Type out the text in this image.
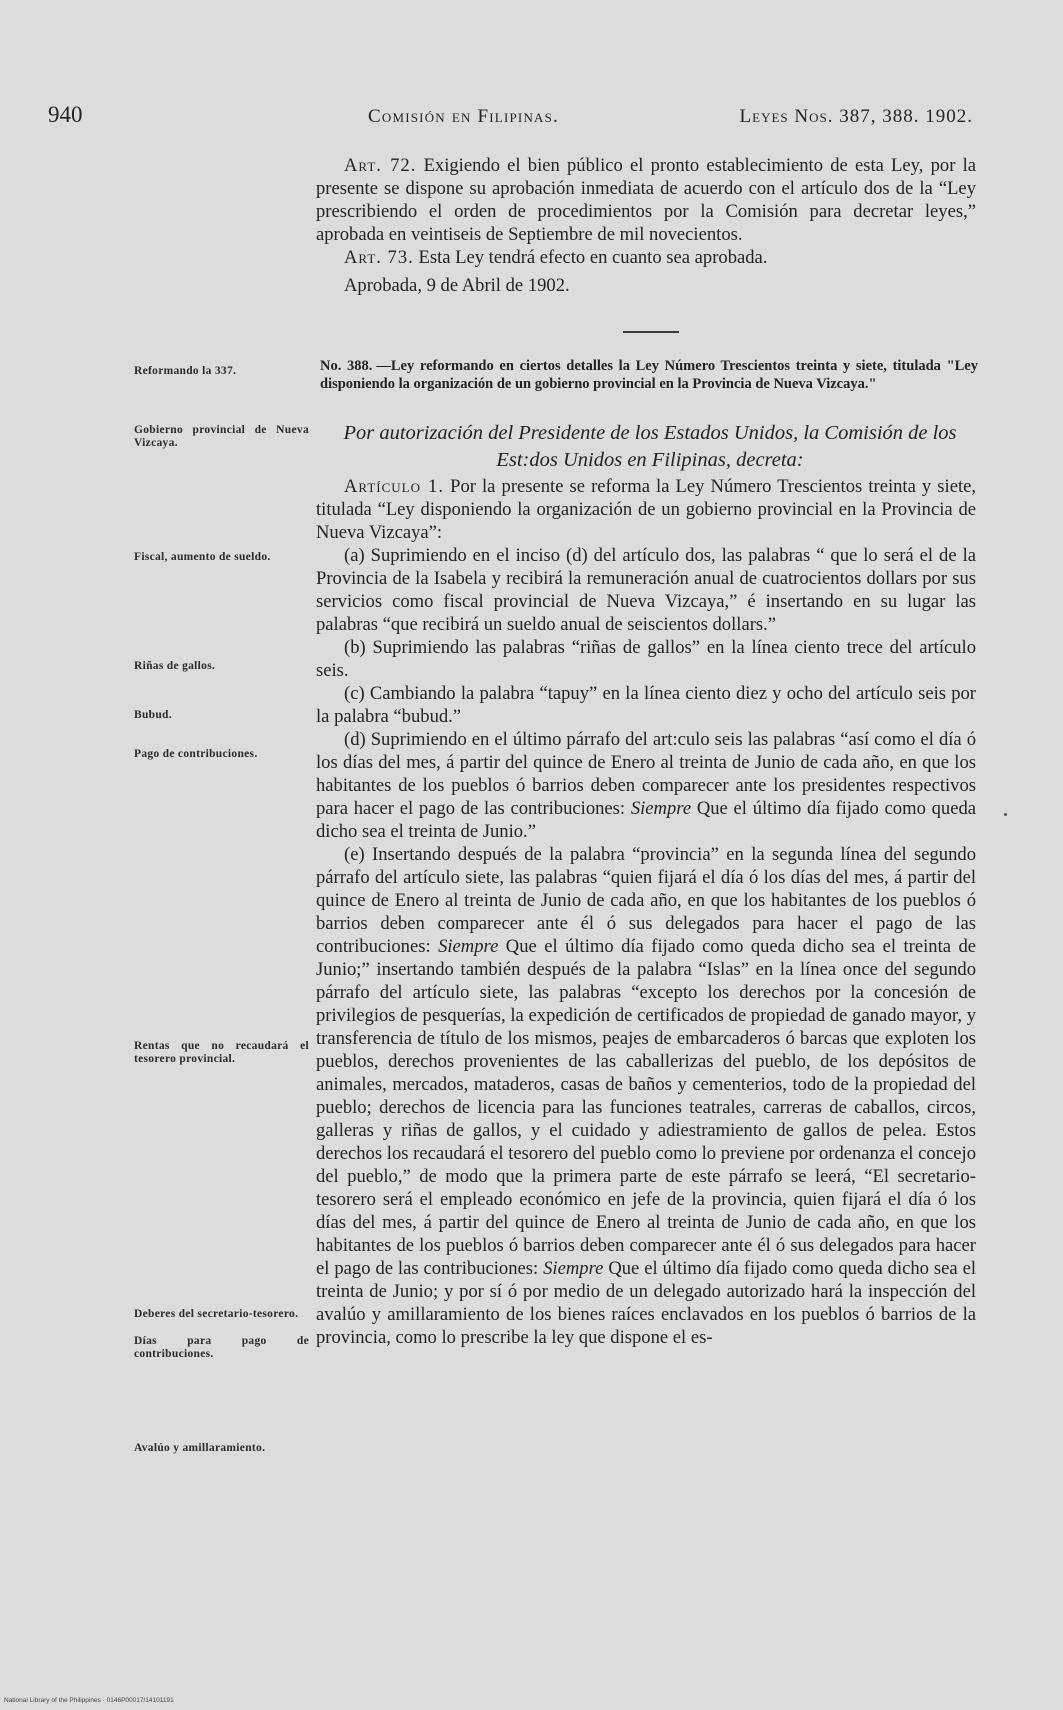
940	Comisión en Filipinas.	Leyes Nos. 387, 388. 1902.

Art. 72. Exigiendo el bien público el pronto establecimiento de esta Ley, por la presente se dispone su aprobación inmediata de acuerdo con el artículo dos de la “Ley prescribiendo el orden de procedimientos por la Comisión para decretar leyes,” aprobada en veintiseis de Septiembre de mil novecientos.

Art. 73. Esta Ley tendrá efecto en cuanto sea aprobada.

Aprobada, 9 de Abril de 1902.

No. 388. —Ley reformando en ciertos detalles la Ley Número Trescientos treinta y siete, titulada "Ley disponiendo la organización de un gobierno provincial en la Provincia de Nueva Vizcaya."
Por autorización del Presidente de los Estados Unidos, la Comisión de los Est:dos Unidos en Filipinas, decreta:

Artículo 1. Por la presente se reforma la Ley Número Trescientos treinta y siete, titulada “Ley disponiendo la organización de un gobierno provincial en la Provincia de Nueva Vizcaya”:

(a) Suprimiendo en el inciso (d) del artículo dos, las palabras “ que lo será el de la Provincia de la Isabela y recibirá la remuneración anual de cuatrocientos dollars por sus servicios como fiscal provincial de Nueva Vizcaya,” é insertando en su lugar las palabras “que recibirá un sueldo anual de seiscientos dollars.”

(b) Suprimiendo las palabras “riñas de gallos” en la línea ciento trece del artículo seis.

(c) Cambiando la palabra “tapuy” en la línea ciento diez y ocho del artículo seis por la palabra “bubud.”

(d) Suprimiendo en el último párrafo del art:culo seis las palabras “así como el día ó los días del mes, á partir del quince de Enero al treinta de Junio de cada año, en que los habitantes de los pueblos ó barrios deben comparecer ante los presidentes respectivos para hacer el pago de las contribuciones: Siempre Que el último día fijado como queda dicho sea el treinta de Junio.”

(e) Insertando después de la palabra “provincia” en la segunda línea del segundo párrafo del artículo siete, las palabras “quien fijará el día ó los días del mes, á partir del quince de Enero al treinta de Junio de cada año, en que los habitantes de los pueblos ó barrios deben comparecer ante él ó sus delegados para hacer el pago de las contribuciones: Siempre Que el último día fijado como queda dicho sea el treinta de Junio;” insertando también después de la palabra “Islas” en la línea once del segundo párrafo del artículo siete, las palabras “excepto los derechos por la concesión de privilegios de pesquerías, la expedición de certificados de propiedad de ganado mayor, y transferencia de título de los mismos, peajes de embarcaderos ó barcas que exploten los pueblos, derechos provenientes de las caballerizas del pueblo, de los depósitos de animales, mercados, mataderos, casas de baños y cementerios, todo de la propiedad del pueblo; derechos de licencia para las funciones teatrales, carreras de caballos, circos, galleras y riñas de gallos, y el cuidado y adiestramiento de gallos de pelea. Estos derechos los recaudará el tesorero del pueblo como lo previene por ordenanza el concejo del pueblo,” de modo que la primera parte de este párrafo se leerá, “El secretario-tesorero será el empleado económico en jefe de la provincia, quien fijará el día ó los días del mes, á partir del quince de Enero al treinta de Junio de cada año, en que los habitantes de los pueblos ó barrios deben comparecer ante él ó sus delegados para hacer el pago de las contribuciones: Siempre Que el último día fijado como queda dicho sea el treinta de Junio; y por sí ó por medio de un delegado autorizado hará la inspección del avalúo y amillaramiento de los bienes raíces enclavados en los pueblos ó barrios de la provincia, como lo prescribe la ley que dispone el es-

Reformando la 337.
Gobierno provincial de Nueva Vizcaya.
Fiscal, aumento de sueldo.
Riñas de gallos.
Bubud.
Pago de contribuciones.
Rentas que no recaudará el tesorero provincial.
Deberes del secretario-tesorero.
Días para pago de contribuciones.
Avalúo y amillaramiento.
National Library of the Philippines · 0146P00017/14101191
